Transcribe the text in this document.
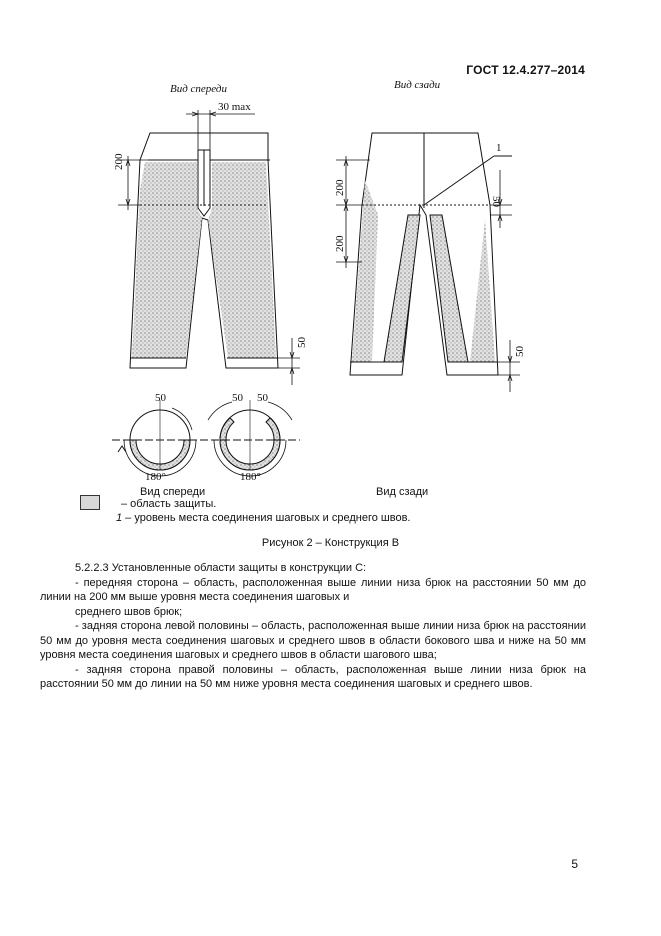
ГОСТ 12.4.277–2014
Вид спереди	Вид сзади
30 max
200
200
200
50
50
50
1
50	50 50
180°	180°
Вид спереди	Вид сзади
– область защиты.
1 – уровень места соединения шаговых и среднего швов.
Рисунок 2 – Конструкция В

5.2.2.3 Установленные области защиты в конструкции С:

- передняя сторона – область, расположенная выше линии низа брюк на расстоянии 50 мм до линии на 200 мм выше уровня места соединения шаговых и

среднего швов брюк;

- задняя сторона левой половины – область, расположенная выше линии низа брюк на расстоянии 50 мм до уровня места соединения шаговых и среднего швов в области бокового шва и ниже на 50 мм уровня места соединения шаговых и среднего швов в области шагового шва;

- задняя сторона правой половины – область, расположенная выше линии низа брюк на расстоянии 50 мм до линии на 50 мм ниже уровня места соединения шаговых и среднего швов.

5
